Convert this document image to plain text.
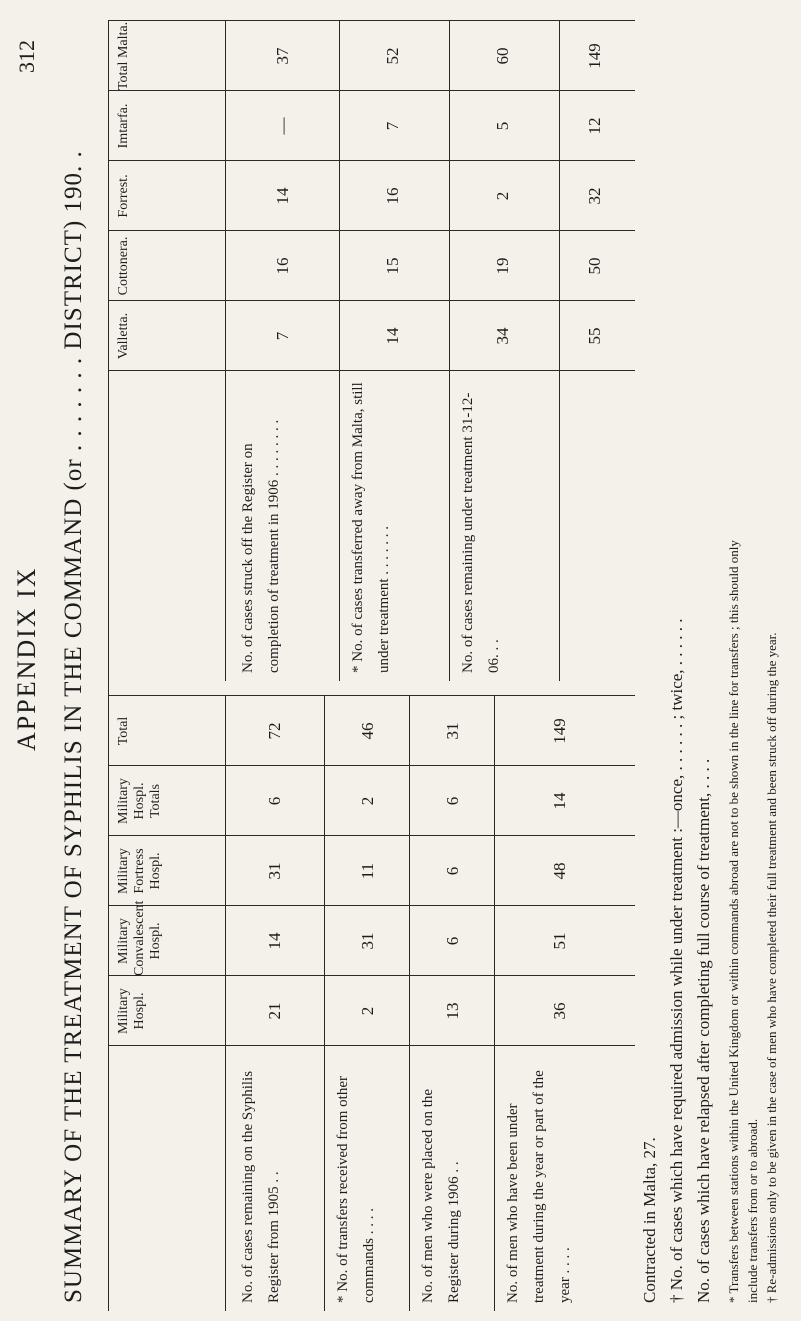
312
APPENDIX IX SUMMARY OF THE TREATMENT OF SYPHILIS IN THE COMMAND (or . . . . . . . DISTRICT) 190. . Military Hospl.
Military Convalescent Hospl.
Military Fortress Hospl.
Military Hospl. Totals
Total
No. of cases remaining on the Syphilis Register from 1905 . .
21
14
31
6
72
* No. of transfers received from other commands . . . .
2
31
11
2
46
No. of men who were placed on the Register during 1906 . .
13
6
6
6
31
No. of men who have been under treatment during the year or part of the year . . . .
36
51
48
14
149
Valletta.
Cottonera.
Forrest.
Imtarfa.
Total Malta.
No. of cases struck off the Register on completion of treatment in 1906 . . . . . . . .
7
16
14
—
37
* No. of cases transferred away from Malta, still under treatment . . . . . . .
14
15
16
7
52
No. of cases remaining under treatment 31-12-06. . .
34
19
2
5
60
55
50
32
12
149
Contracted in Malta, 27. † No. of cases which have required admission while under treatment :—once, . . . . . . ; twice, . . . . . . No. of cases which have relapsed after completing full course of treatment, . . . . * Transfers between stations within the United Kingdom or within commands abroad are not to be shown in the line for transfers ; this should only include transfers from or to abroad. † Re-admissions only to be given in the case of men who have completed their full treatment and been struck off during the year.
